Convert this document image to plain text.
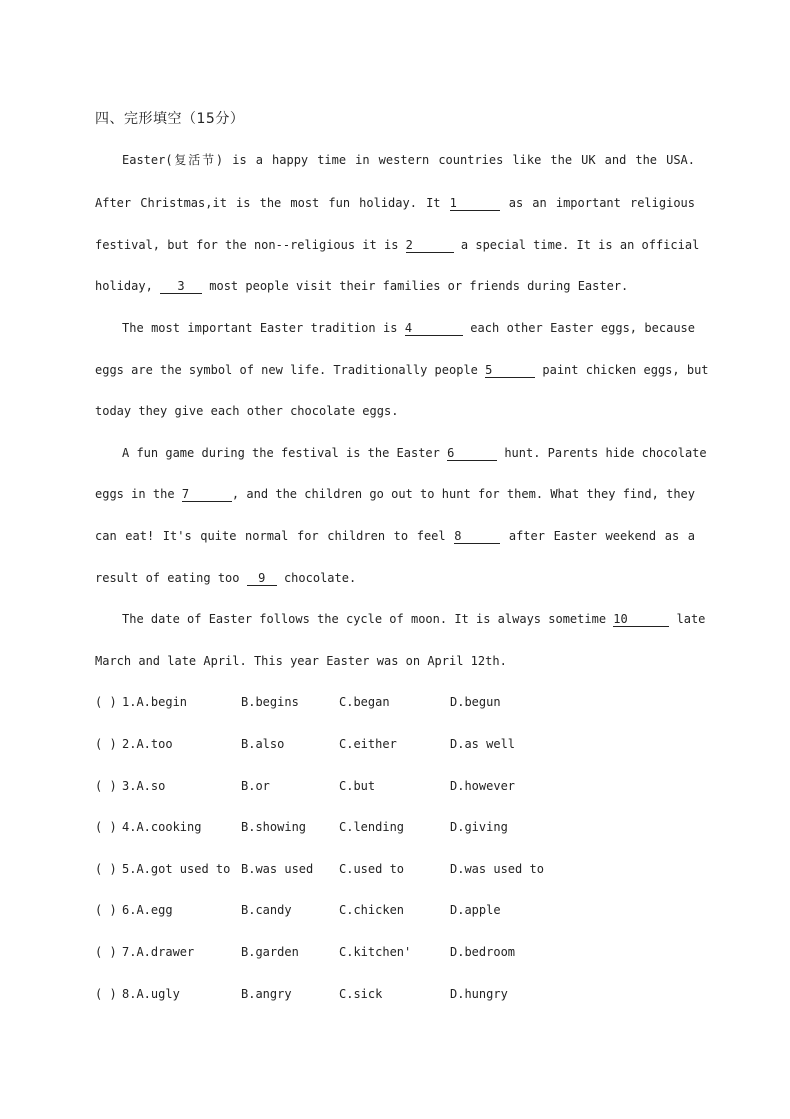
四、完形填空（15分）
Easter(复活节) is a happy time in western countries like the UK and the USA.
After Christmas,it is the most fun holiday. It 1	as an important religious
festival, but for the non--religious it is 2	a special time. It is an official
holiday, 3 most people visit their families or friends during Easter.
The most important Easter tradition is 4	each other Easter eggs, because
eggs are the symbol of new life. Traditionally people 5	paint chicken eggs, but
today they give each other chocolate eggs.
A fun game during the festival is the Easter 6	hunt. Parents hide chocolate
eggs in the 7	, and the children go out to hunt for them. What they find, they
can eat! It's quite normal for children to feel 8	after Easter weekend as a
result of eating too 9 chocolate.
The date of Easter follows the cycle of moon. It is always sometime 10	late
March and late April. This year Easter was on April 12th.
( ) 1.A.begin	B.begins	C.began	D.begun
( ) 2.A.too	B.also	C.either	D.as well
( ) 3.A.so	B.or	C.but	D.however
( ) 4.A.cooking	B.showing	C.lending	D.giving
( ) 5.A.got used to B.was used C.used to	D.was used to
( ) 6.A.egg	B.candy	C.chicken	D.apple
( ) 7.A.drawer	B.garden	C.kitchen'	D.bedroom
( ) 8.A.ugly	B.angry	C.sick	D.hungry
